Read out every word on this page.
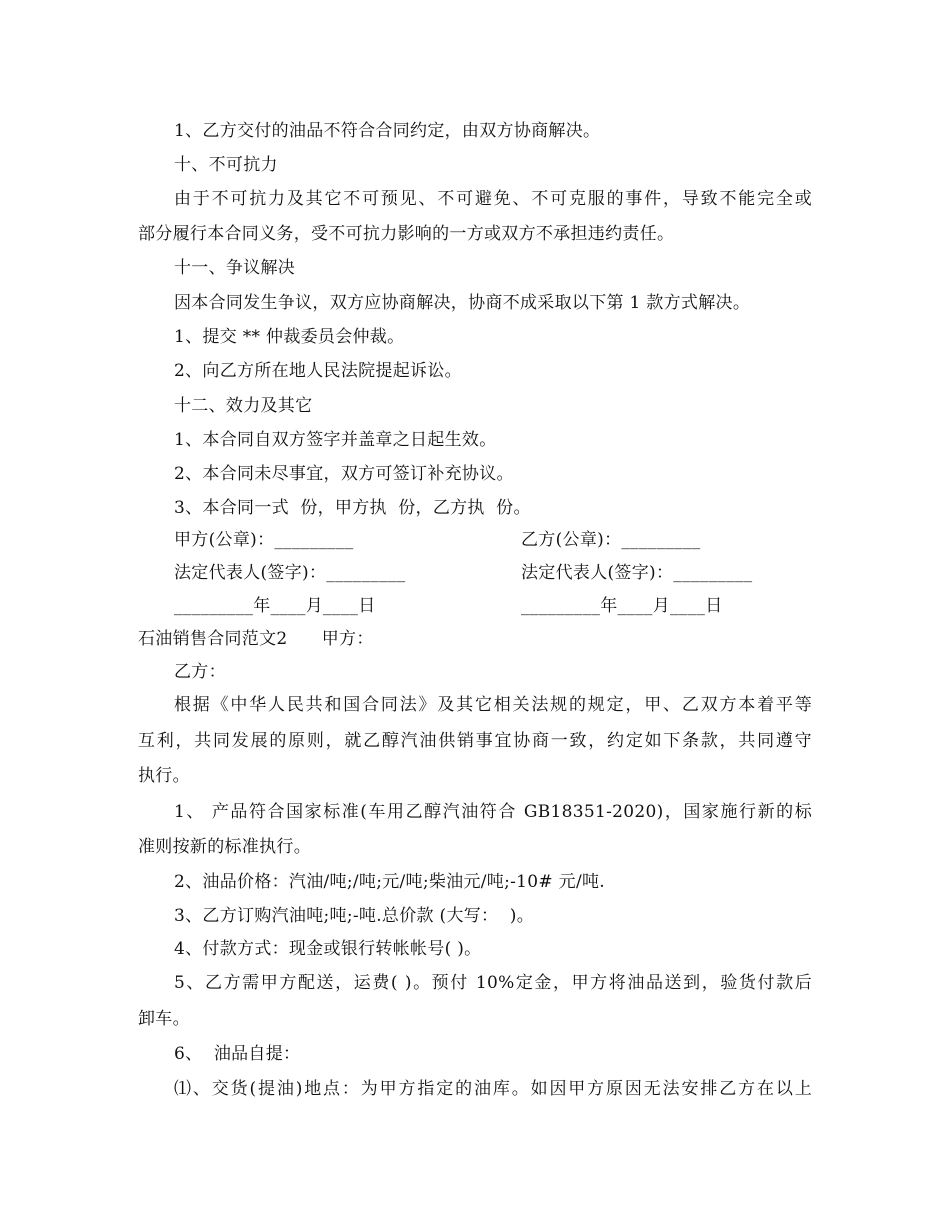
1、乙方交付的油品不符合合同约定，由双方协商解决。
十、不可抗力
由于不可抗力及其它不可预见、不可避免、不可克服的事件，导致不能完全或
部分履行本合同义务，受不可抗力影响的一方或双方不承担违约责任。
十一、争议解决
因本合同发生争议，双方应协商解决，协商不成采取以下第 1 款方式解决。
1、提交 ** 仲裁委员会仲裁。
2、向乙方所在地人民法院提起诉讼。
十二、效力及其它
1、本合同自双方签字并盖章之日起生效。
2、本合同未尽事宜，双方可签订补充协议。
3、本合同一式  份，甲方执  份，乙方执  份。
甲方(公章)：_________	乙方(公章)：_________
法定代表人(签字)：_________	法定代表人(签字)：_________
_________年____月____日	_________年____月____日
石油销售合同范文2      甲方：
乙方：
根据《中华人民共和国合同法》及其它相关法规的规定，甲、乙双方本着平等
互利，共同发展的原则，就乙醇汽油供销事宜协商一致，约定如下条款，共同遵守
执行。
1、 产品符合国家标准(车用乙醇汽油符合 GB18351-2020)，国家施行新的标
准则按新的标准执行。
2、油品价格：汽油/吨;/吨;元/吨;柴油元/吨;-10# 元/吨.
3、乙方订购汽油吨;吨;-吨.总价款 (大写：  )。
4、付款方式：现金或银行转帐帐号( )。
5、乙方需甲方配送，运费( )。预付 10%定金，甲方将油品送到，验货付款后
卸车。
6、  油品自提：
⑴、交货(提油)地点：为甲方指定的油库。如因甲方原因无法安排乙方在以上
